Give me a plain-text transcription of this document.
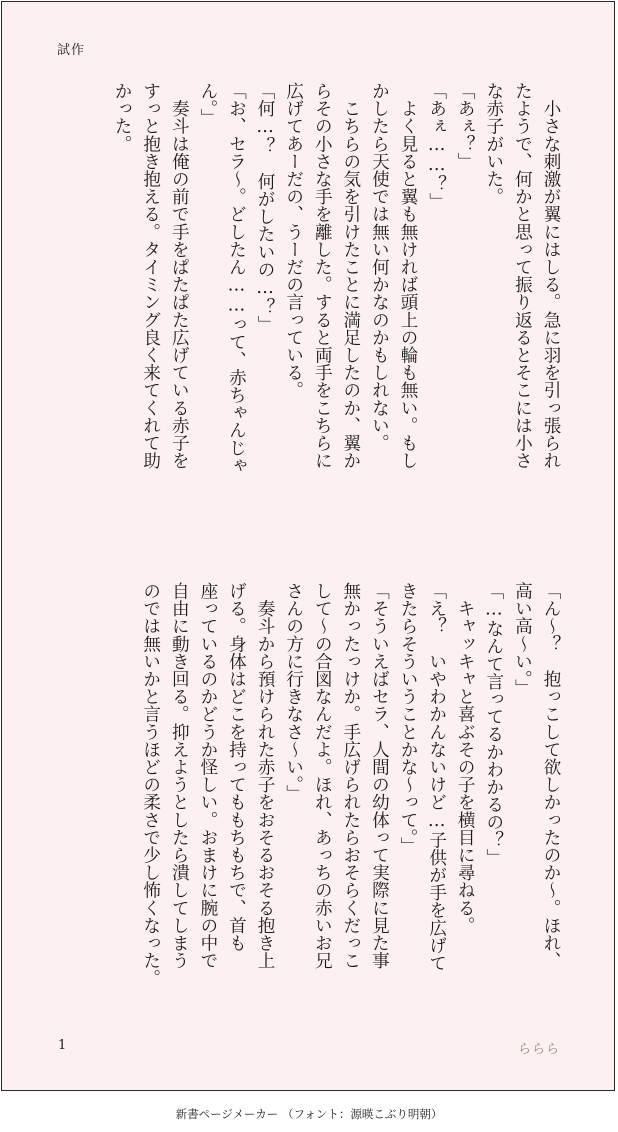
試作
　小さな刺激が翼にはしる。急に羽を引っ張られ
たようで、何かと思って振り返るとそこには小さ
な赤子がいた。
「あぇ？」
「あぇ……？」
　よく見ると翼も無ければ頭上の輪も無い。もし
かしたら天使では無い何かなのかもしれない。
　こちらの気を引けたことに満足したのか、翼か
らその小さな手を離した。すると両手をこちらに
広げてあーだの、うーだの言っている。
「何…？　何がしたいの…？」
「お、セラ〜。どしたん……って、赤ちゃんじゃ
ん。」
　奏斗は俺の前で手をぱたぱた広げている赤子を
すっと抱き抱える。タイミング良く来てくれて助
かった。
「ん〜？　抱っこして欲しかったのか〜。ほれ、
高い高〜い。」
「…なんて言ってるかわかるの？」
　キャッキャと喜ぶその子を横目に尋ねる。
「え？　いやわかんないけど…子供が手を広げて
きたらそういうことかな〜って。」
「そういえばセラ、人間の幼体って実際に見た事
無かったっけか。手広げられたらおそらくだっこ
して〜の合図なんだよ。ほれ、あっちの赤いお兄
さんの方に行きなさ〜い。」
　奏斗から預けられた赤子をおそるおそる抱き上
げる。身体はどこを持ってももちもちで、首も
座っているのかどうか怪しい。おまけに腕の中で
自由に動き回る。抑えようとしたら潰してしまう
のでは無いかと言うほどの柔さで少し怖くなった。
1	ららら
新書ページメーカー （フォント：源暎こぶり明朝）
